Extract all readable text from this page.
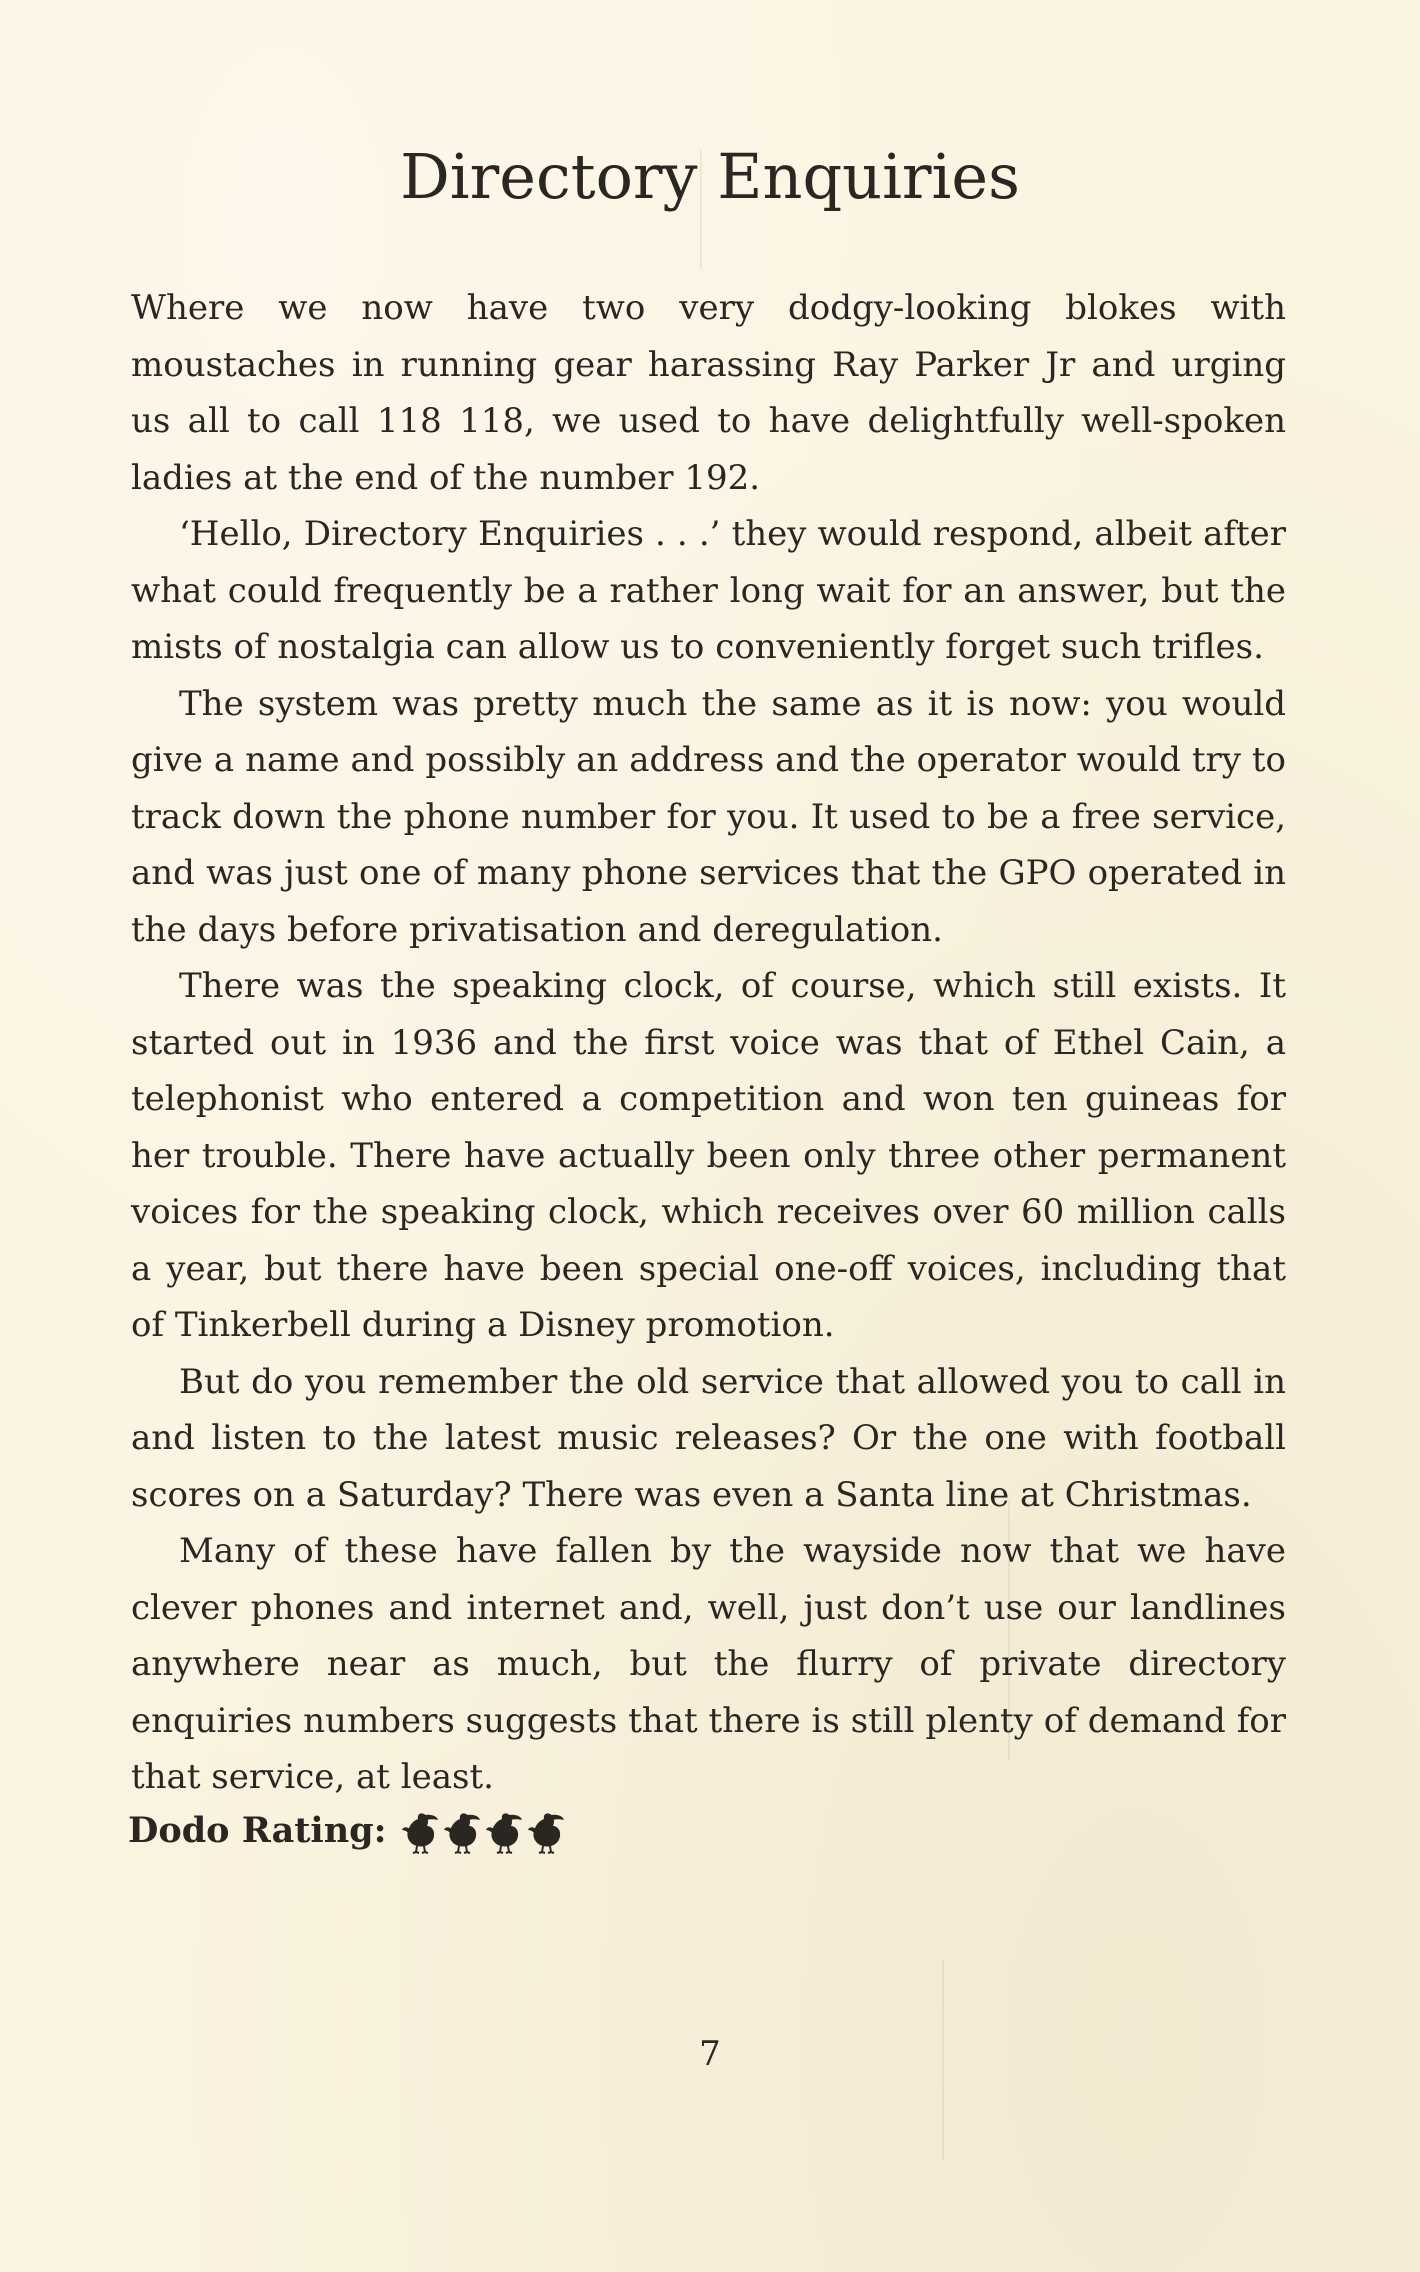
Directory Enquiries

Where we now have two very dodgy-looking blokes with moustaches in running gear harassing Ray Parker Jr and urging us all to call 118 118, we used to have delightfully well-spoken ladies at the end of the number 192.

‘Hello, Directory Enquiries . . .’ they would respond, albeit after what could frequently be a rather long wait for an answer, but the mists of nostalgia can allow us to conveniently forget such trifles.

The system was pretty much the same as it is now: you would give a name and possibly an address and the operator would try to track down the phone number for you. It used to be a free service, and was just one of many phone services that the GPO operated in the days before privatisation and deregulation.

There was the speaking clock, of course, which still exists. It started out in 1936 and the first voice was that of Ethel Cain, a telephonist who entered a competition and won ten guineas for her trouble. There have actually been only three other permanent voices for the speaking clock, which receives over 60 million calls a year, but there have been special one-off voices, including that of Tinkerbell during a Disney promotion.

But do you remember the old service that allowed you to call in and listen to the latest music releases? Or the one with football scores on a Saturday? There was even a Santa line at Christmas.

Many of these have fallen by the wayside now that we have clever phones and internet and, well, just don’t use our landlines anywhere near as much, but the flurry of private directory enquiries numbers suggests that there is still plenty of demand for that service, at least.

Dodo Rating:
7
